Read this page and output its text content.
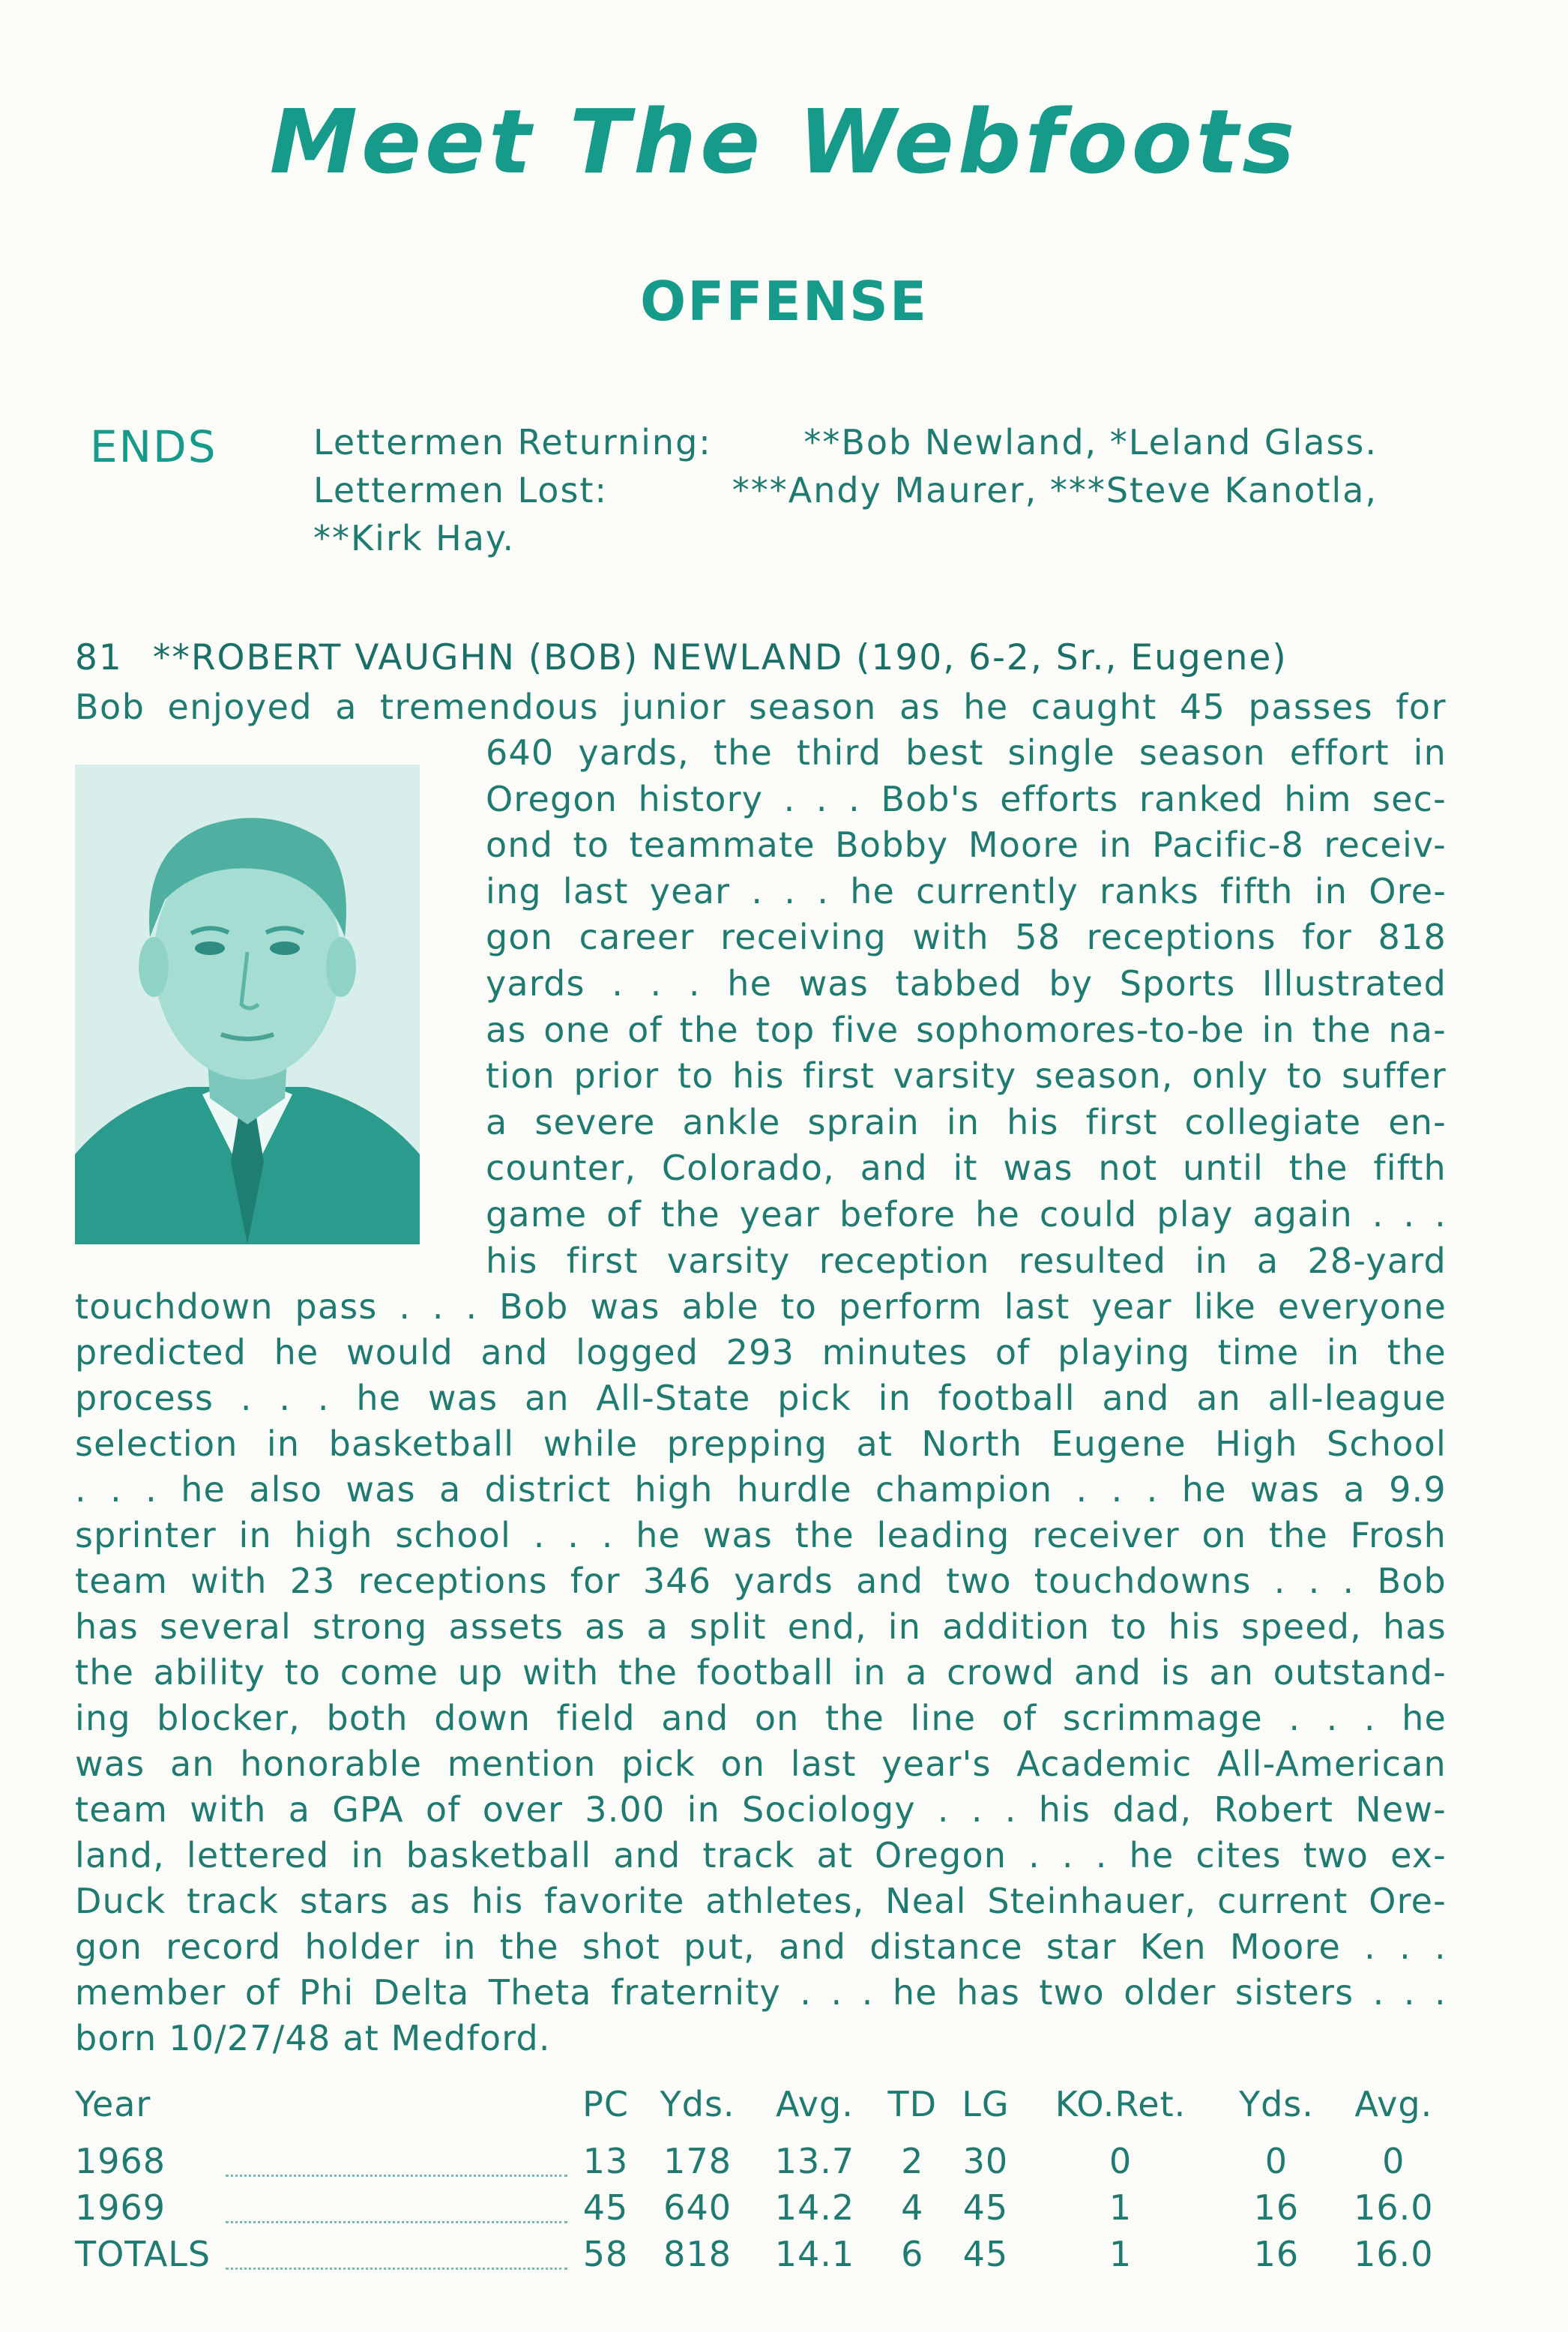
Meet The Webfoots
OFFENSE
ENDS	Lettermen Returning:	**Bob Newland, *Leland Glass.

Lettermen Lost:	***Andy Maurer, ***Steve Kanotla,

**Kirk Hay.

81 **ROBERT VAUGHN (BOB) NEWLAND (190, 6-2, Sr., Eugene)
Bob enjoyed a tremendous junior season as he caught 45 passes for
640 yards, the third best single season effort in
Oregon history . . . Bob's efforts ranked him sec-
ond to teammate Bobby Moore in Pacific-8 receiv-
ing last year . . . he currently ranks fifth in Ore-
gon career receiving with 58 receptions for 818
yards . . . he was tabbed by Sports Illustrated
as one of the top five sophomores-to-be in the na-
tion prior to his first varsity season, only to suffer
a severe ankle sprain in his first collegiate en-
counter, Colorado, and it was not until the fifth
game of the year before he could play again . . .
his first varsity reception resulted in a 28-yard
touchdown pass . . . Bob was able to perform last year like everyone
predicted he would and logged 293 minutes of playing time in the
process . . . he was an All-State pick in football and an all-league
selection in basketball while prepping at North Eugene High School
. . . he also was a district high hurdle champion . . . he was a 9.9
sprinter in high school . . . he was the leading receiver on the Frosh
team with 23 receptions for 346 yards and two touchdowns . . . Bob
has several strong assets as a split end, in addition to his speed, has
the ability to come up with the football in a crowd and is an outstand-
ing blocker, both down field and on the line of scrimmage . . . he
was an honorable mention pick on last year's Academic All-American
team with a GPA of over 3.00 in Sociology . . . his dad, Robert New-
land, lettered in basketball and track at Oregon . . . he cites two ex-
Duck track stars as his favorite athletes, Neal Steinhauer, current Ore-
gon record holder in the shot put, and distance star Ken Moore . . .
member of Phi Delta Theta fraternity . . . he has two older sisters . . .
born 10/27/48 at Medford.
Year		PC	Yds.	Avg.	TD	LG	KO.Ret.	Yds.	Avg.
1968		13	178	13.7	2	30	0	0	0
1969		45	640	14.2	4	45	1	16	16.0
TOTALS		58	818	14.1	6	45	1	16	16.0
